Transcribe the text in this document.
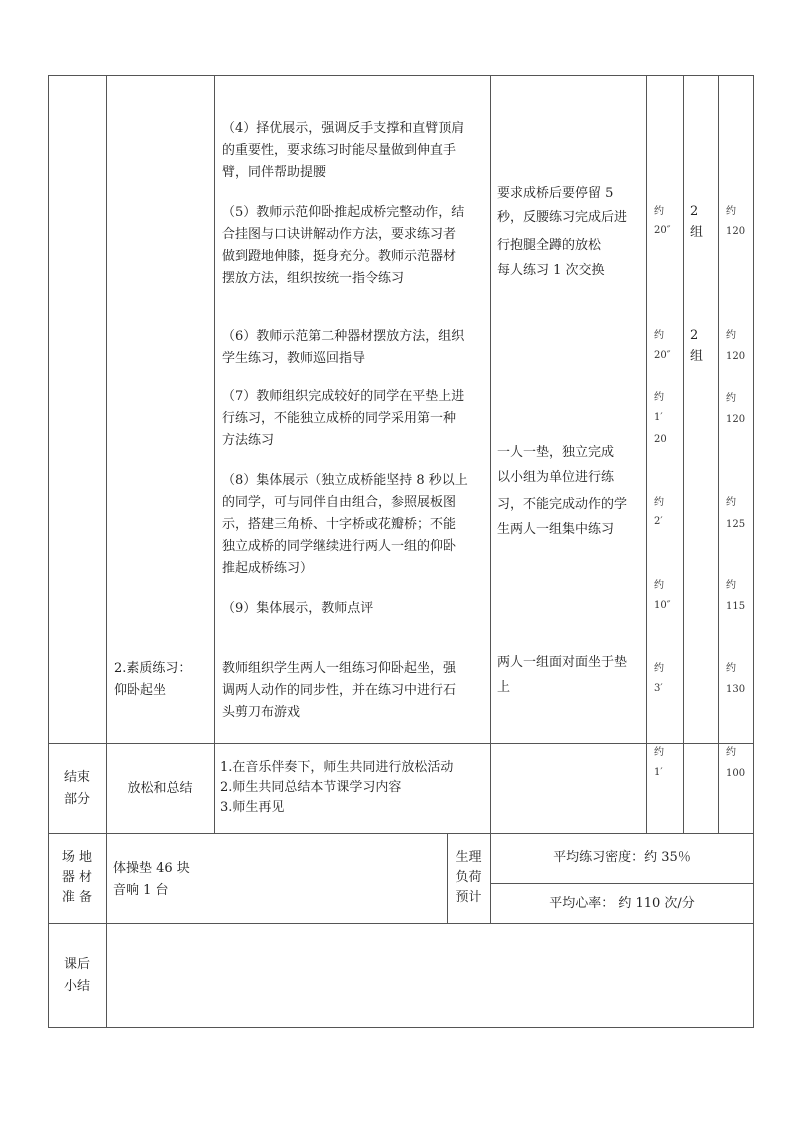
（4）择优展示，强调反手支撑和直臂顶肩
的重要性，要求练习时能尽量做到伸直手
臂，同伴帮助提腰
（5）教师示范仰卧推起成桥完整动作，结
合挂图与口诀讲解动作方法，要求练习者
做到蹬地伸膝，挺身充分。教师示范器材
摆放方法，组织按统一指令练习
（6）教师示范第二种器材摆放方法，组织
学生练习，教师巡回指导
（7）教师组织完成较好的同学在平垫上进
行练习，不能独立成桥的同学采用第一种
方法练习
（8）集体展示（独立成桥能坚持 8 秒以上
的同学，可与同伴自由组合，参照展板图
示，搭建三角桥、十字桥或花瓣桥；不能
独立成桥的同学继续进行两人一组的仰卧
推起成桥练习）
（9）集体展示，教师点评
教师组织学生两人一组练习仰卧起坐，强
调两人动作的同步性，并在练习中进行石
头剪刀布游戏
2.素质练习：
仰卧起坐
要求成桥后要停留 5
秒，反腰练习完成后进
行抱腿全蹲的放松
每人练习 1 次交换
一人一垫，独立完成
以小组为单位进行练
习，不能完成动作的学
生两人一组集中练习
两人一组面对面坐于垫
上
约
20″
约
20″
约
1′
20
约
2′
约
10″
约
3′
2
组
2
组
约
120
约
120
约
120
约
125
约
115
约
130
结束
部分
放松和总结
1.在音乐伴奏下，师生共同进行放松活动
2.师生共同总结本节课学习内容
3.师生再见
约
1′
约
100
场 地
器 材
准 备
体操垫 46 块
音响 1 台
生理
负荷
预计
平均练习密度：约 35％
平均心率： 约 110 次/分
课后
小结
